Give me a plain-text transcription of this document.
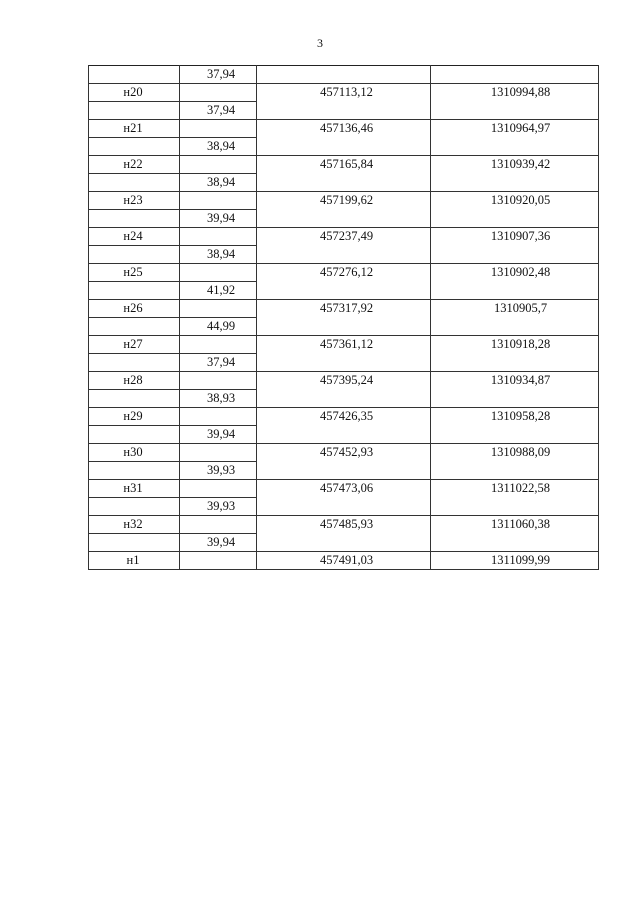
3
	37,94		
н20		457113,12	1310994,88
	37,94		
н21		457136,46	1310964,97
	38,94		
н22		457165,84	1310939,42
	38,94		
н23		457199,62	1310920,05
	39,94		
н24		457237,49	1310907,36
	38,94		
н25		457276,12	1310902,48
	41,92		
н26		457317,92	1310905,7
	44,99		
н27		457361,12	1310918,28
	37,94		
н28		457395,24	1310934,87
	38,93		
н29		457426,35	1310958,28
	39,94		
н30		457452,93	1310988,09
	39,93		
н31		457473,06	1311022,58
	39,93		
н32		457485,93	1311060,38
	39,94		
н1		457491,03	1311099,99
